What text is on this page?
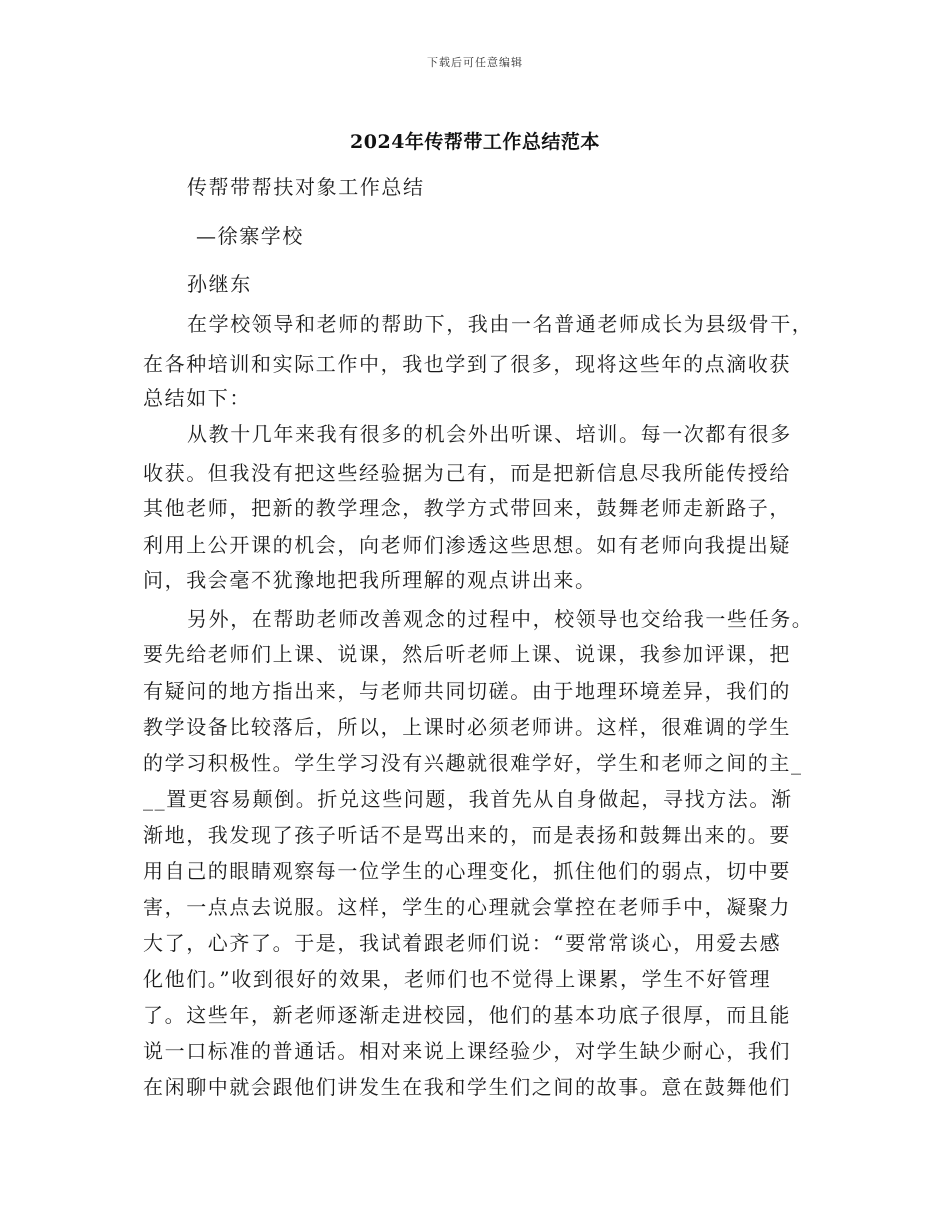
下载后可任意编辑
2024年传帮带工作总结范本
传帮带帮扶对象工作总结
—徐寨学校
孙继东
在学校领导和老师的帮助下，我由一名普通老师成长为县级骨干，
在各种培训和实际工作中，我也学到了很多，现将这些年的点滴收获
总结如下：
从教十几年来我有很多的机会外出听课、培训。每一次都有很多
收获。但我没有把这些经验据为己有，而是把新信息尽我所能传授给
其他老师，把新的教学理念，教学方式带回来，鼓舞老师走新路子，
利用上公开课的机会，向老师们渗透这些思想。如有老师向我提出疑
问，我会毫不犹豫地把我所理解的观点讲出来。
另外，在帮助老师改善观念的过程中，校领导也交给我一些任务。
要先给老师们上课、说课，然后听老师上课、说课，我参加评课，把
有疑问的地方指出来，与老师共同切磋。由于地理环境差异，我们的
教学设备比较落后，所以，上课时必须老师讲。这样，很难调的学生
的学习积极性。学生学习没有兴趣就很难学好，学生和老师之间的主_
__置更容易颠倒。折兑这些问题，我首先从自身做起，寻找方法。渐
渐地，我发现了孩子听话不是骂出来的，而是表扬和鼓舞出来的。要
用自己的眼睛观察每一位学生的心理变化，抓住他们的弱点，切中要
害，一点点去说服。这样，学生的心理就会掌控在老师手中，凝聚力
大了，心齐了。于是，我试着跟老师们说：“要常常谈心，用爱去感
化他们。”收到很好的效果，老师们也不觉得上课累，学生不好管理
了。这些年，新老师逐渐走进校园，他们的基本功底子很厚，而且能
说一口标准的普通话。相对来说上课经验少，对学生缺少耐心，我们
在闲聊中就会跟他们讲发生在我和学生们之间的故事。意在鼓舞他们
